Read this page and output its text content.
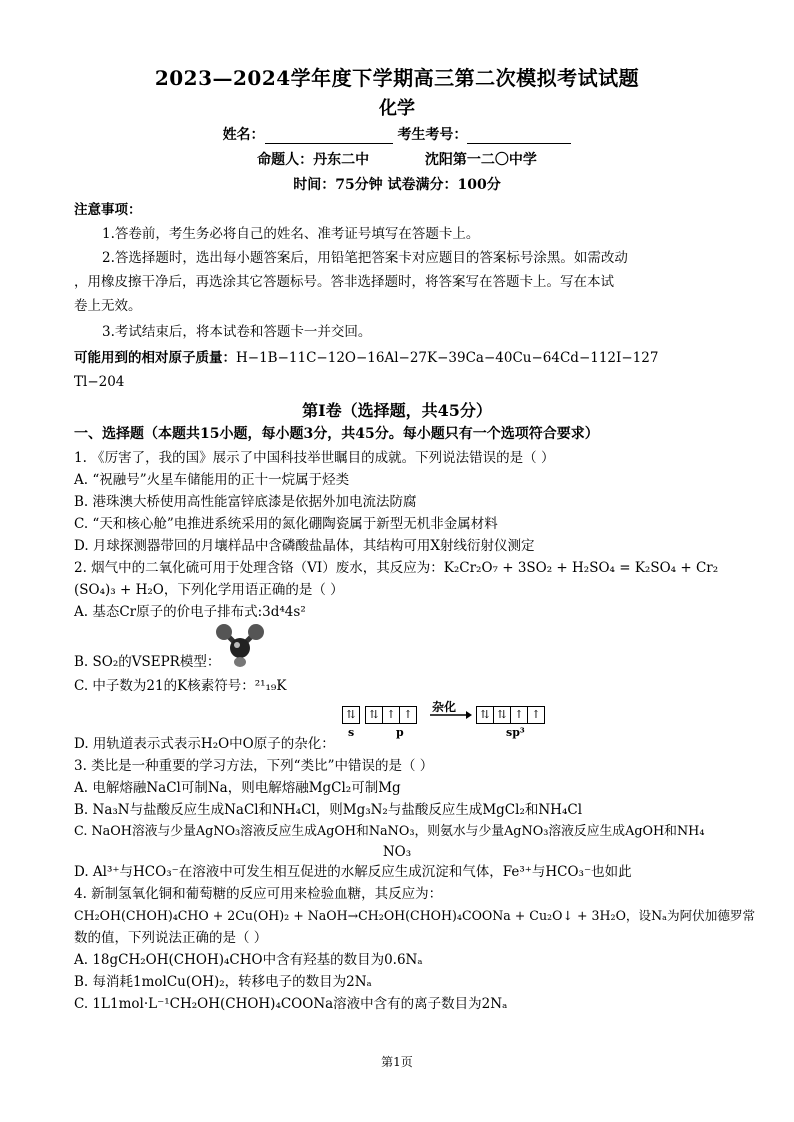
2023—2024学年度下学期高三第二次模拟考试试题
化学
姓名：	考生考号：
命题人：丹东二中	沈阳第一二〇中学
时间：75分钟 试卷满分：100分
注意事项：
1.答卷前，考生务必将自己的姓名、准考证号填写在答题卡上。
2.答选择题时，选出每小题答案后，用铅笔把答案卡对应题目的答案标号涂黑。如需改动
，用橡皮擦干净后，再选涂其它答题标号。答非选择题时，将答案写在答题卡上。写在本试
卷上无效。
3.考试结束后，将本试卷和答题卡一并交回。
可能用到的相对原子质量：H−1B−11C−12O−16Al−27K−39Ca−40Cu−64Cd−112I−127
Tl−204
第Ⅰ卷（选择题，共45分）
一、选择题（本题共15小题，每小题3分，共45分。每小题只有一个选项符合要求）
1. 《厉害了，我的国》展示了中国科技举世瞩目的成就。下列说法错误的是（ ）
A. “祝融号”火星车储能用的正十一烷属于烃类
B. 港珠澳大桥使用高性能富锌底漆是依据外加电流法防腐
C. “天和核心舱”电推进系统采用的氮化硼陶瓷属于新型无机非金属材料
D. 月球探测器带回的月壤样品中含磷酸盐晶体，其结构可用X射线衍射仪测定
2. 烟气中的二氧化硫可用于处理含铬（VI）废水，其反应为：K₂Cr₂O₇ + 3SO₂ + H₂SO₄ = K₂SO₄ + Cr₂
(SO₄)₃ + H₂O，下列化学用语正确的是（ ）
A. 基态Cr原子的价电子排布式:3d⁴4s²
B. SO₂的VSEPR模型：
C. 中子数为21的K核素符号：²¹₁₉K
D. 用轨道表示式表示H₂O中O原子的杂化：
⇅ ⇅ ↑ ↑ 杂化	⇅ ⇅ ↑ ↑
s	p	sp³
3. 类比是一种重要的学习方法，下列“类比”中错误的是（ ）
A. 电解熔融NaCl可制Na，则电解熔融MgCl₂可制Mg
B. Na₃N与盐酸反应生成NaCl和NH₄Cl，则Mg₃N₂与盐酸反应生成MgCl₂和NH₄Cl
C. NaOH溶液与少量AgNO₃溶液反应生成AgOH和NaNO₃，则氨水与少量AgNO₃溶液反应生成AgOH和NH₄
NO₃
D. Al³⁺与HCO₃⁻在溶液中可发生相互促进的水解反应生成沉淀和气体，Fe³⁺与HCO₃⁻也如此
4. 新制氢氧化铜和葡萄糖的反应可用来检验血糖，其反应为：
CH₂OH(CHOH)₄CHO + 2Cu(OH)₂ + NaOH→CH₂OH(CHOH)₄COONa + Cu₂O↓ + 3H₂O，设Nₐ为阿伏加德罗常
数的值，下列说法正确的是（ ）
A. 18gCH₂OH(CHOH)₄CHO中含有羟基的数目为0.6Nₐ
B. 每消耗1molCu(OH)₂，转移电子的数目为2Nₐ
C. 1L1mol·L⁻¹CH₂OH(CHOH)₄COONa溶液中含有的离子数目为2Nₐ
第1页
